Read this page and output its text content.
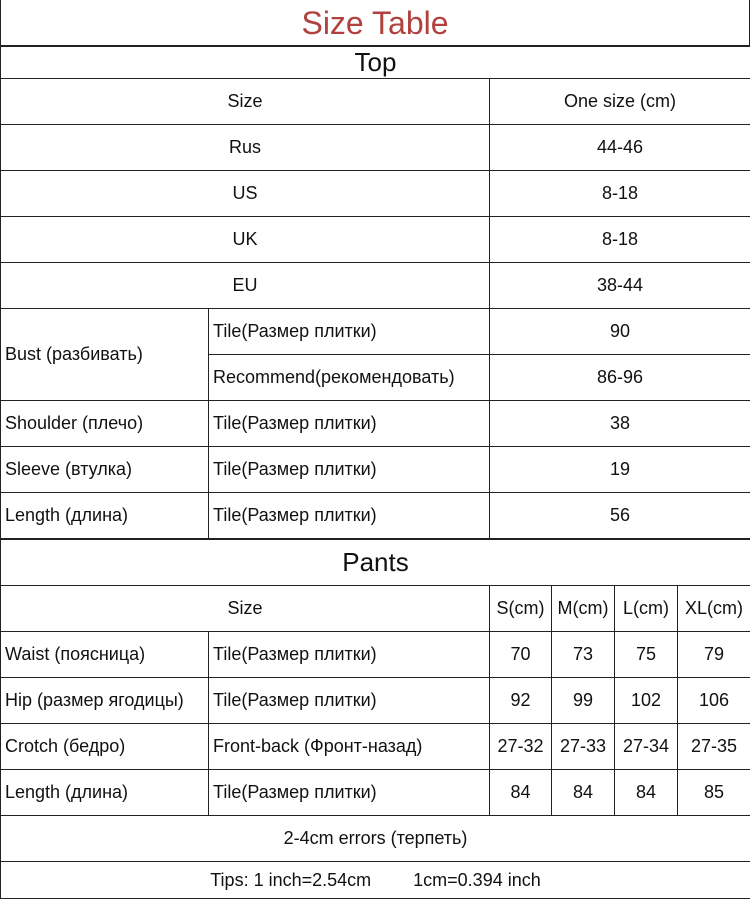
Size Table
Top		
Size		One size (cm)
Rus		44-46
US		8-18
UK		8-18
EU		38-44
Bust (разбивать)	Tile(Размер плитки)	90
	Recommend(рекомендовать)	86-96
Shoulder (плечо)	Tile(Размер плитки)	38
Sleeve (втулка)	Tile(Размер плитки)	19
Length (длина)	Tile(Размер плитки)	56
Pants					
Size		S(cm)	M(cm)	L(cm)	XL(cm)
Waist (поясница)	Tile(Размер плитки)	70	73	75	79
Hip (размер ягодицы)	Tile(Размер плитки)	92	99	102	106
Crotch (бедро)	Front-back (Фронт-назад)	27-32	27-33	27-34	27-35
Length (длина)	Tile(Размер плитки)	84	84	84	85
2-4cm errors (терпеть)					
Tips: 1 inch=2.54cm 1cm=0.394 inch					
